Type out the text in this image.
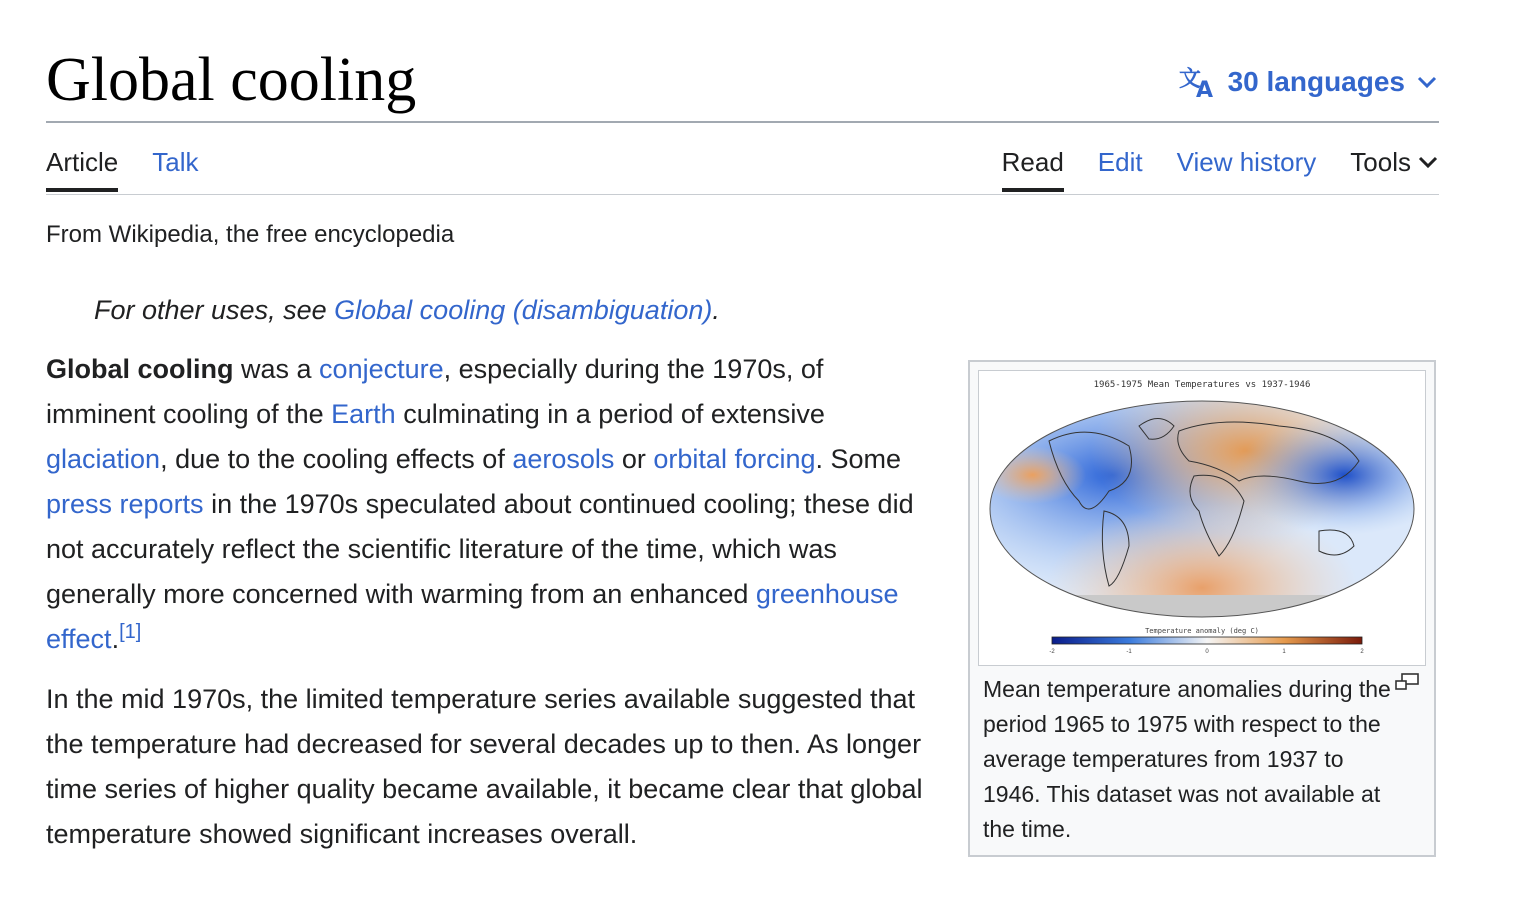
Global cooling	文
A 30 languages
Article Talk	Read Edit View history Tools
From Wikipedia, the free encyclopedia
For other uses, see Global cooling (disambiguation).

Global cooling was a conjecture, especially during the 1970s, of imminent cooling of the Earth culminating in a period of extensive glaciation, due to the cooling effects of aerosols or orbital forcing. Some press reports in the 1970s speculated about continued cooling; these did not accurately reflect the scientific literature of the time, which was generally more concerned with warming from an enhanced greenhouse effect.[1]

In the mid 1970s, the limited temperature series available suggested that the temperature had decreased for several decades up to then. As longer time series of higher quality became available, it became clear that global temperature showed significant increases overall.

1965-1975 Mean Temperatures vs 1937-1946
Temperature anomaly (deg C)
-2	-1	0	1	2
Mean temperature anomalies during the period 1965 to 1975 with respect to the average temperatures from 1937 to 1946. This dataset was not available at the time.
